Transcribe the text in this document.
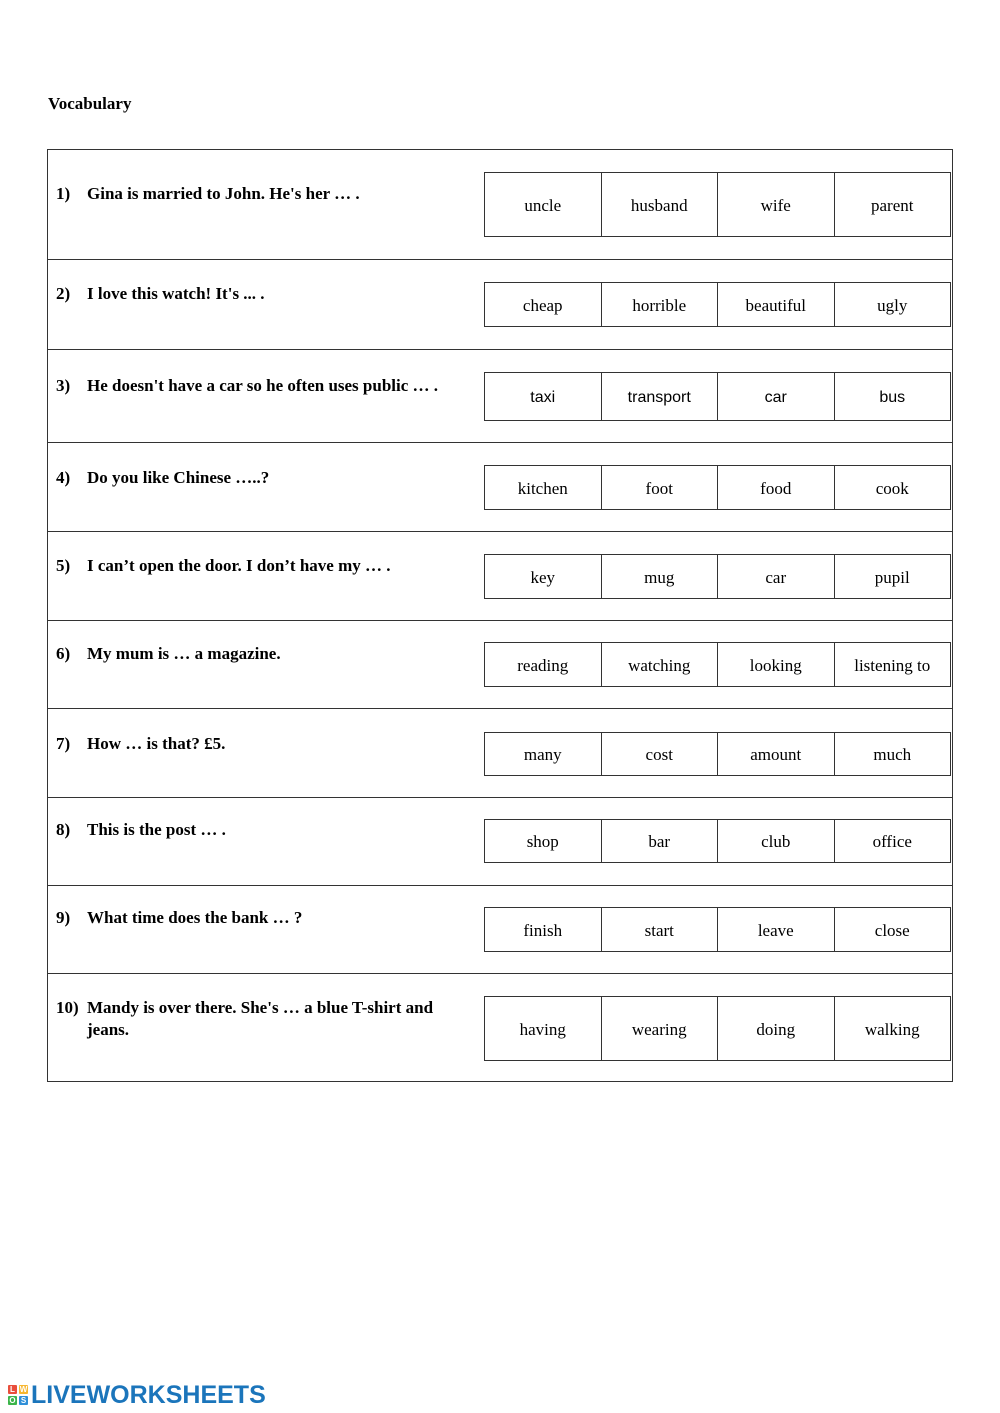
Vocabulary
1) Gina is married to John. He's her … .
uncle	husband	wife	parent
2) I love this watch! It's ... .
cheap	horrible	beautiful	ugly
3) He doesn't have a car so he often uses public … .
taxi	transport	car	bus
4) Do you like Chinese …..?
kitchen	foot	food	cook
5) I can’t open the door. I don’t have my … .
key	mug	car	pupil
6) My mum is … a magazine.
reading	watching	looking	listening to
7) How … is that? £5.
many	cost	amount	much
8) This is the post … .
shop	bar	club	office
9) What time does the bank … ?
finish	start	leave	close
10) Mandy is over there. She's … a blue T-shirt and jeans.	having	wearing	doing	walking
L W
O S LIVEWORKSHEETS
